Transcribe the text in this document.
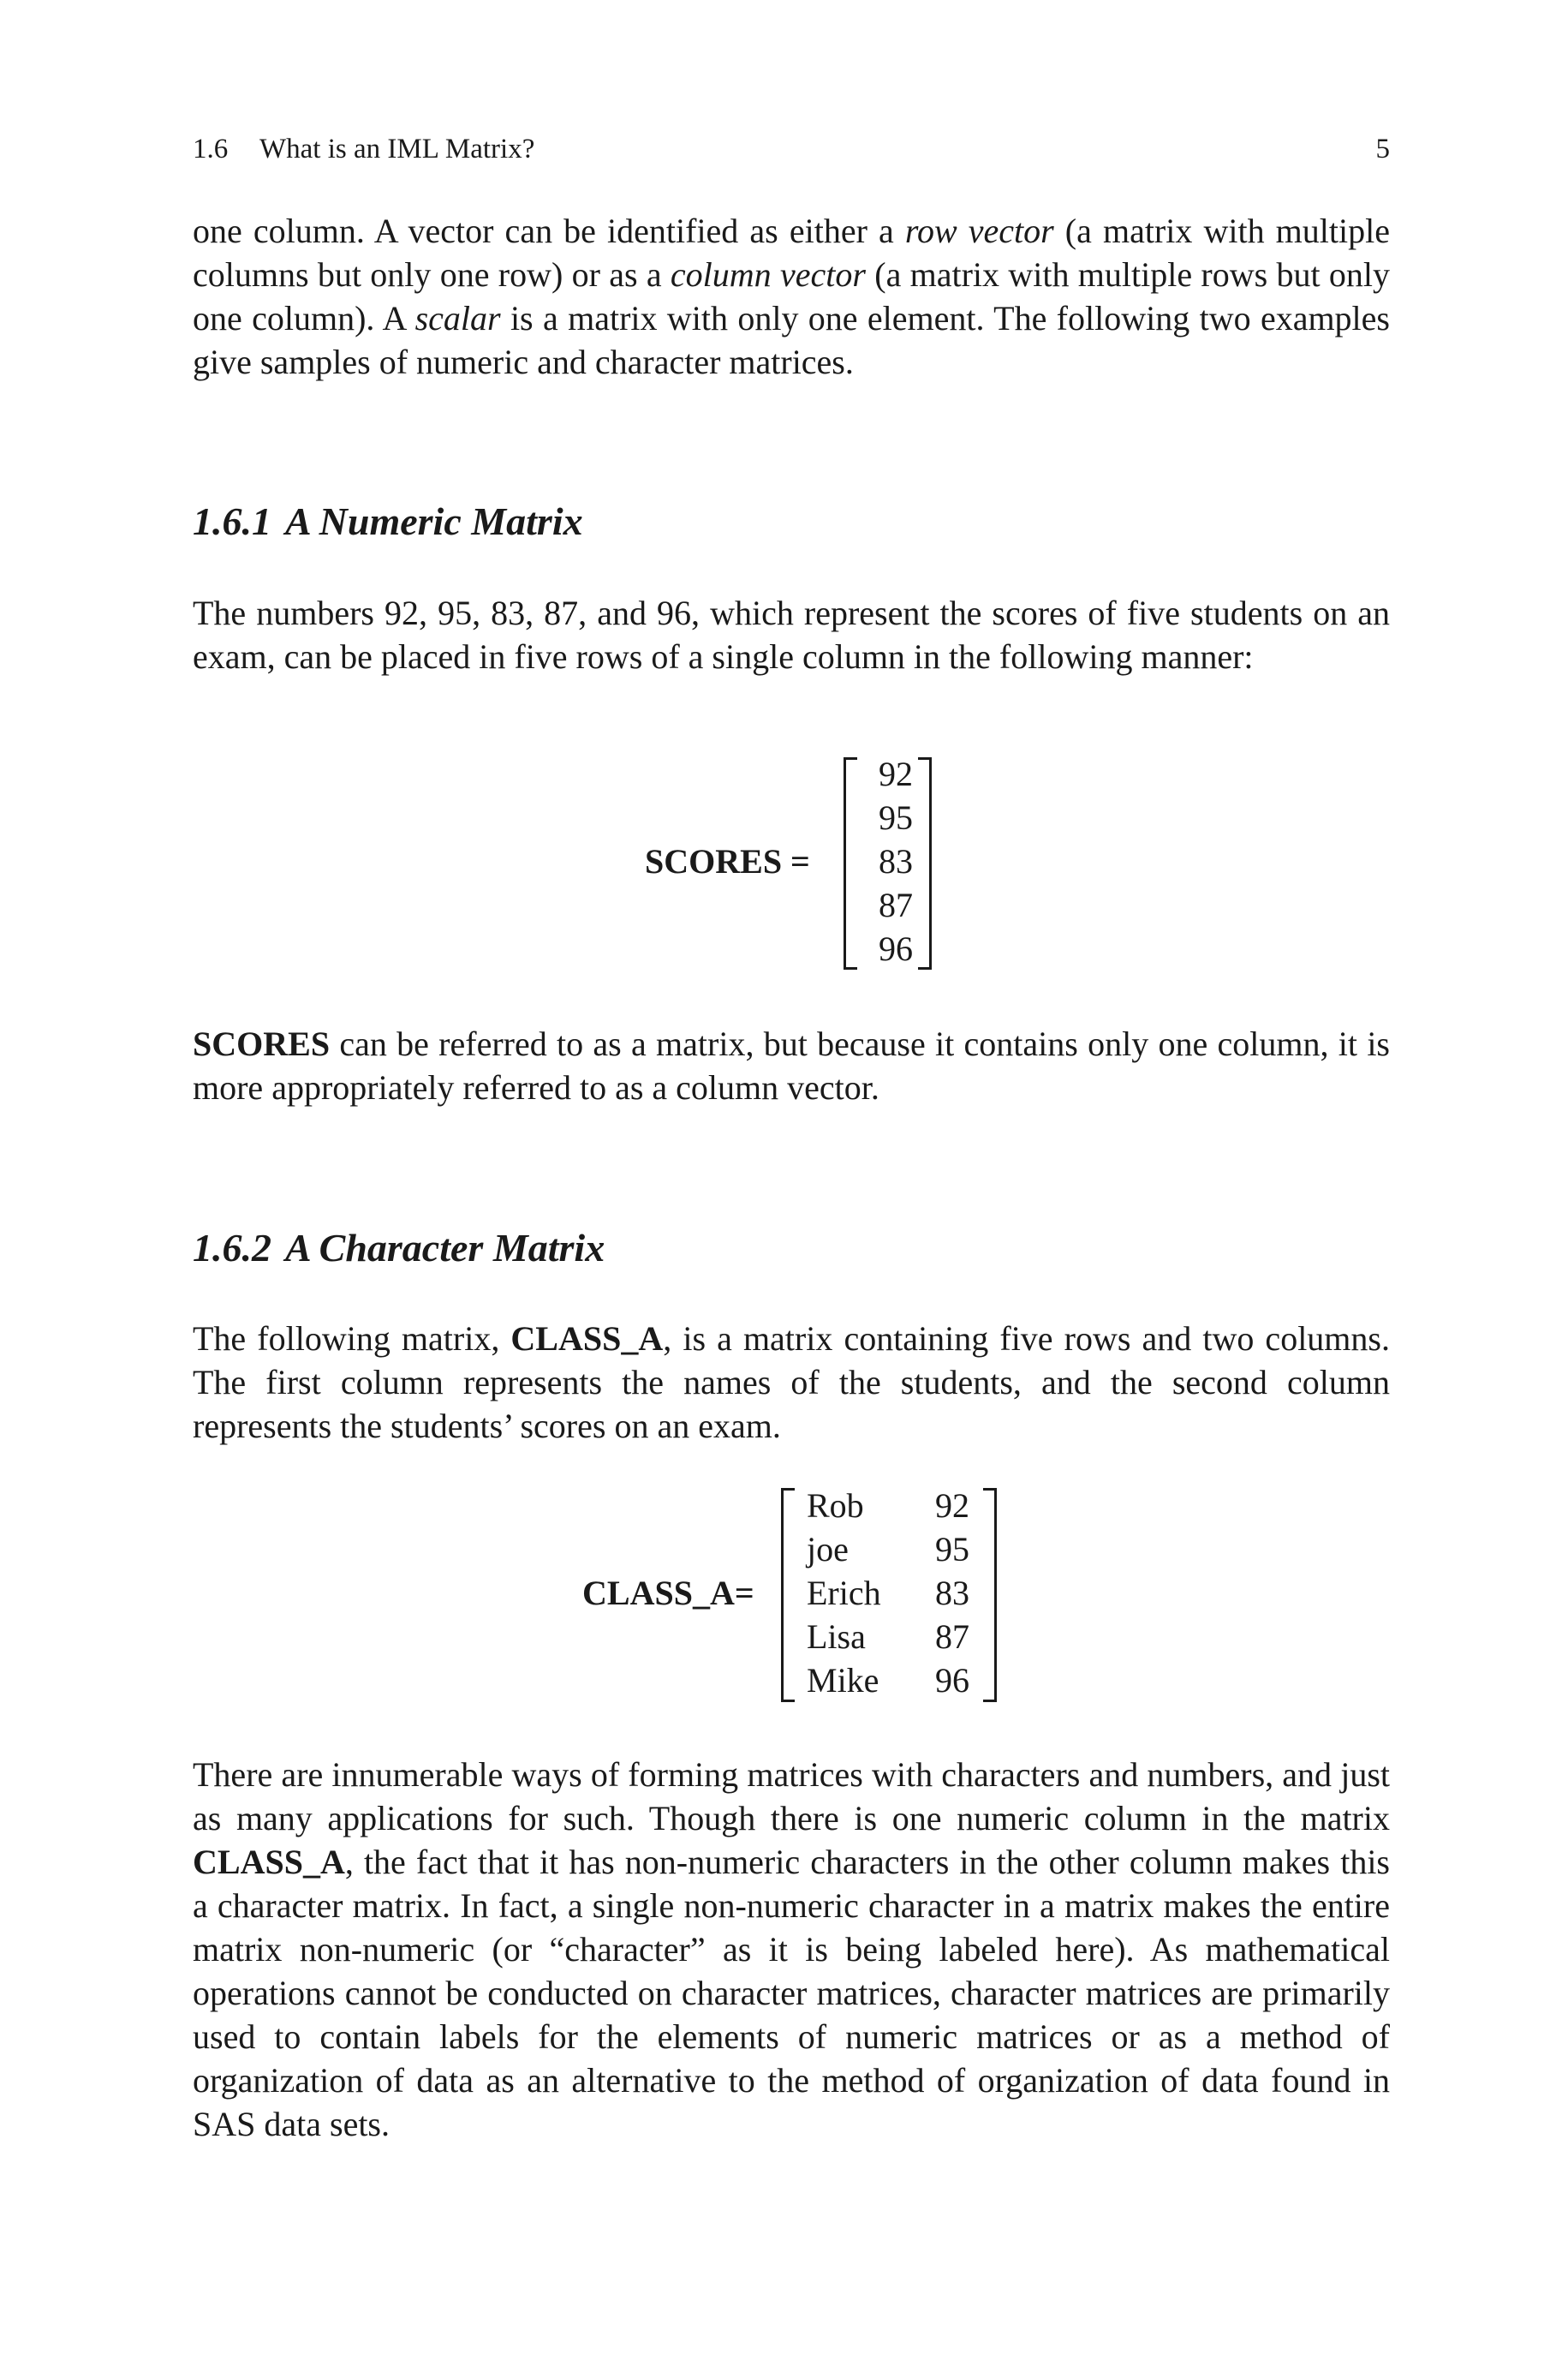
1.6 What is an IML Matrix?	5

one column. A vector can be identified as either a row vector (a matrix with multiple columns but only one row) or as a column vector (a matrix with multiple rows but only one column). A scalar is a matrix with only one element. The following two examples give samples of numeric and character matrices.

1.6.1 A Numeric Matrix

The numbers 92, 95, 83, 87, and 96, which represent the scores of five students on an exam, can be placed in five rows of a single column in the following manner:

SCORES =
92
95
83
87
96

SCORES can be referred to as a matrix, but because it contains only one column, it is more appropriately referred to as a column vector.

1.6.2 A Character Matrix

The following matrix, CLASS_A, is a matrix containing five rows and two columns. The first column represents the names of the students, and the second column represents the students’ scores on an exam.

CLASS_A=
Rob	92
joe	95
Erich	83
Lisa	87
Mike	96

There are innumerable ways of forming matrices with characters and numbers, and just as many applications for such. Though there is one numeric column in the matrix CLASS_A, the fact that it has non-numeric characters in the other column makes this a character matrix. In fact, a single non-numeric character in a matrix makes the entire matrix non-numeric (or “character” as it is being labeled here). As mathematical operations cannot be conducted on character matrices, character matrices are primarily used to contain labels for the elements of numeric matrices or as a method of organization of data as an alternative to the method of organization of data found in SAS data sets.
